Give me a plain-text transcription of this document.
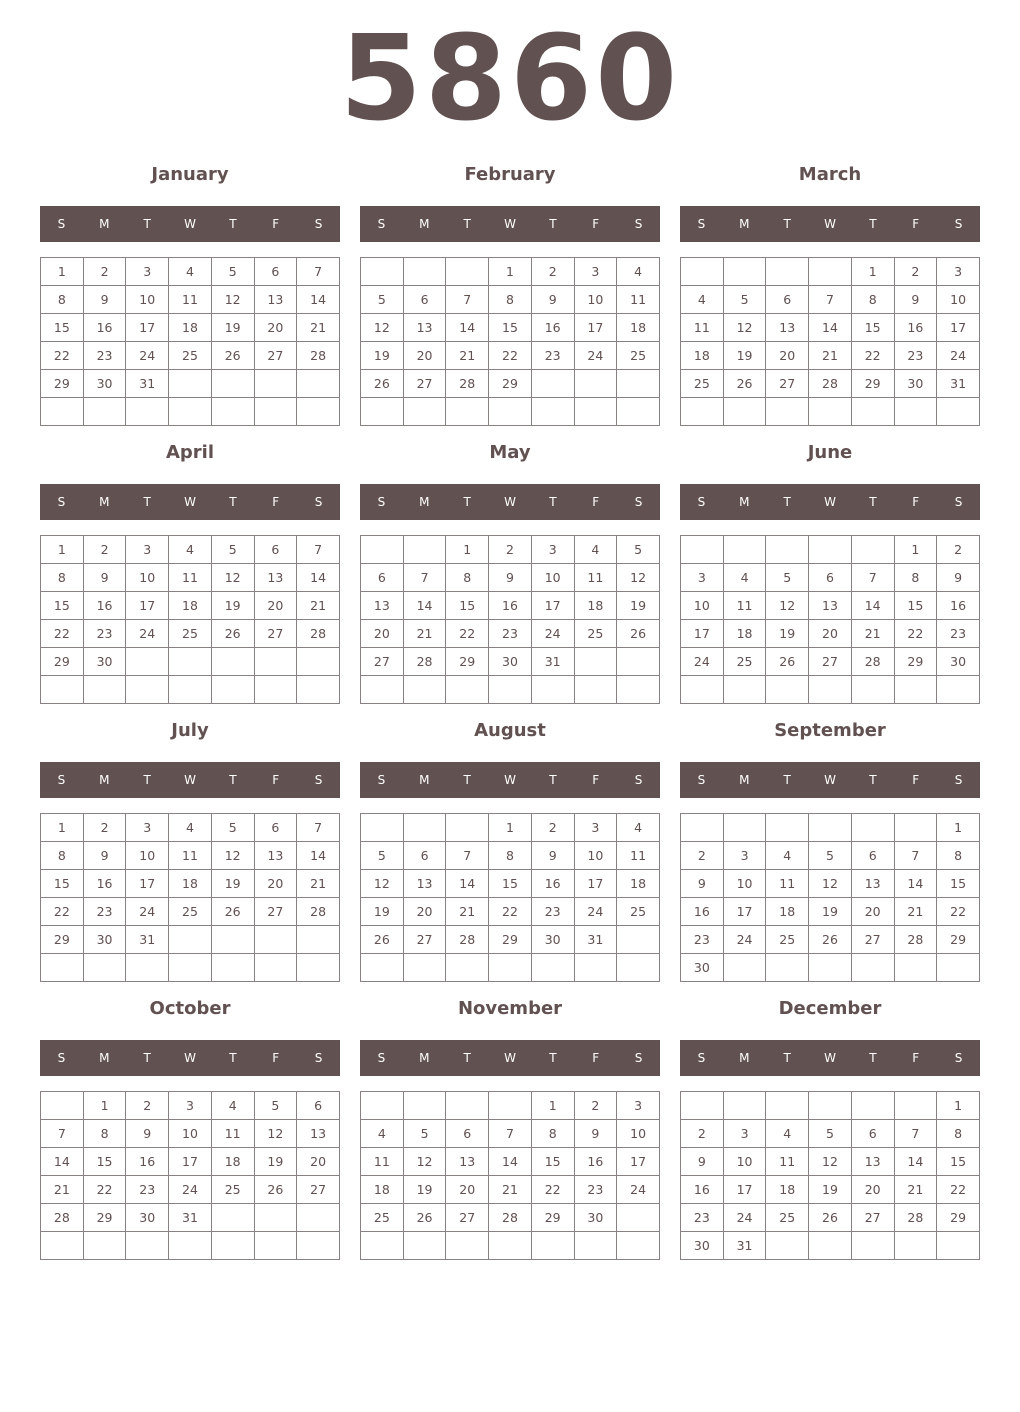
5860
January
S	M	T	W	T	F	S
1	2	3	4	5	6	7
8	9	10	11	12	13	14
15	16	17	18	19	20	21
22	23	24	25	26	27	28
29	30	31				

February
S	M	T	W	T	F	S
			1	2	3	4
5	6	7	8	9	10	11
12	13	14	15	16	17	18
19	20	21	22	23	24	25
26	27	28	29			

March
S	M	T	W	T	F	S
				1	2	3
4	5	6	7	8	9	10
11	12	13	14	15	16	17
18	19	20	21	22	23	24
25	26	27	28	29	30	31

April
S	M	T	W	T	F	S
1	2	3	4	5	6	7
8	9	10	11	12	13	14
15	16	17	18	19	20	21
22	23	24	25	26	27	28
29	30					

May
S	M	T	W	T	F	S
		1	2	3	4	5
6	7	8	9	10	11	12
13	14	15	16	17	18	19
20	21	22	23	24	25	26
27	28	29	30	31		

June
S	M	T	W	T	F	S
					1	2
3	4	5	6	7	8	9
10	11	12	13	14	15	16
17	18	19	20	21	22	23
24	25	26	27	28	29	30

July
S	M	T	W	T	F	S
1	2	3	4	5	6	7
8	9	10	11	12	13	14
15	16	17	18	19	20	21
22	23	24	25	26	27	28
29	30	31				

August
S	M	T	W	T	F	S
			1	2	3	4
5	6	7	8	9	10	11
12	13	14	15	16	17	18
19	20	21	22	23	24	25
26	27	28	29	30	31	

September
S	M	T	W	T	F	S
						1
2	3	4	5	6	7	8
9	10	11	12	13	14	15
16	17	18	19	20	21	22
23	24	25	26	27	28	29
30						
October
S	M	T	W	T	F	S
	1	2	3	4	5	6
7	8	9	10	11	12	13
14	15	16	17	18	19	20
21	22	23	24	25	26	27
28	29	30	31			

November
S	M	T	W	T	F	S
				1	2	3
4	5	6	7	8	9	10
11	12	13	14	15	16	17
18	19	20	21	22	23	24
25	26	27	28	29	30	

December
S	M	T	W	T	F	S
						1
2	3	4	5	6	7	8
9	10	11	12	13	14	15
16	17	18	19	20	21	22
23	24	25	26	27	28	29
30	31					
